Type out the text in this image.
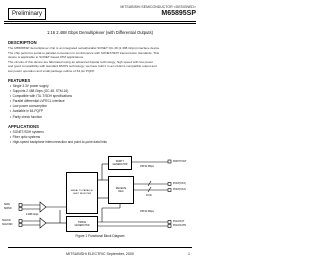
Preliminary
MITSUBISHI SEMICONDUCTOR <DESIGNED>
M65895SP
1:16 2.488 Gbps Demultiplexer (with Differential Outputs)
DESCRIPTION
The M65895SP demultiplexer chip is an integrated serial/parallel SONET OC-48 (2.488 Gbps) interface device.
The chip performs serial-to-parallel conversion in conformance with SONET/SDH transmission standards. This
device is applicable to SONET based ATM applications.
The circuits of this device are fabricated using an advanced bipolar technology, high speed with low power
and good compatibility with standard DMOS technology; we have built it in an LS-ECL compatible output and
low power operation and small package outline of 64 pin PQFP.
FEATURES
• Single 3.3V power supply
• Supports 2.488 Gbps (OC-48, STM-16)
• Compatible with ITU-T/SDH specifications
• Parallel differential LVPECL interface
• Low power consumption
• Available in 64-PQFP
• Parity check function
APPLICATIONS
• SONET/SDH systems
• Fiber optic systems
• High-speed backplane interconnection and point-to-point data links
PARITY
GENERATOR
RECEIVE
REG
SERIAL TO PARALLEL
SHIFT REGISTER
TIMING
GENERATOR
PARITYOUT
POUT[15:0]
POUT[15:0]
PCLKOUT
PCLKOUTN
SDIN
SDINN
SCLKIN
SCLKINN
16 bit
155.52 Mbps
155.52 Mbps
2.488 Gbps
Figure 1 Functional Block Diagram
MITSUBISHI ELECTRIC September, 2000	1
